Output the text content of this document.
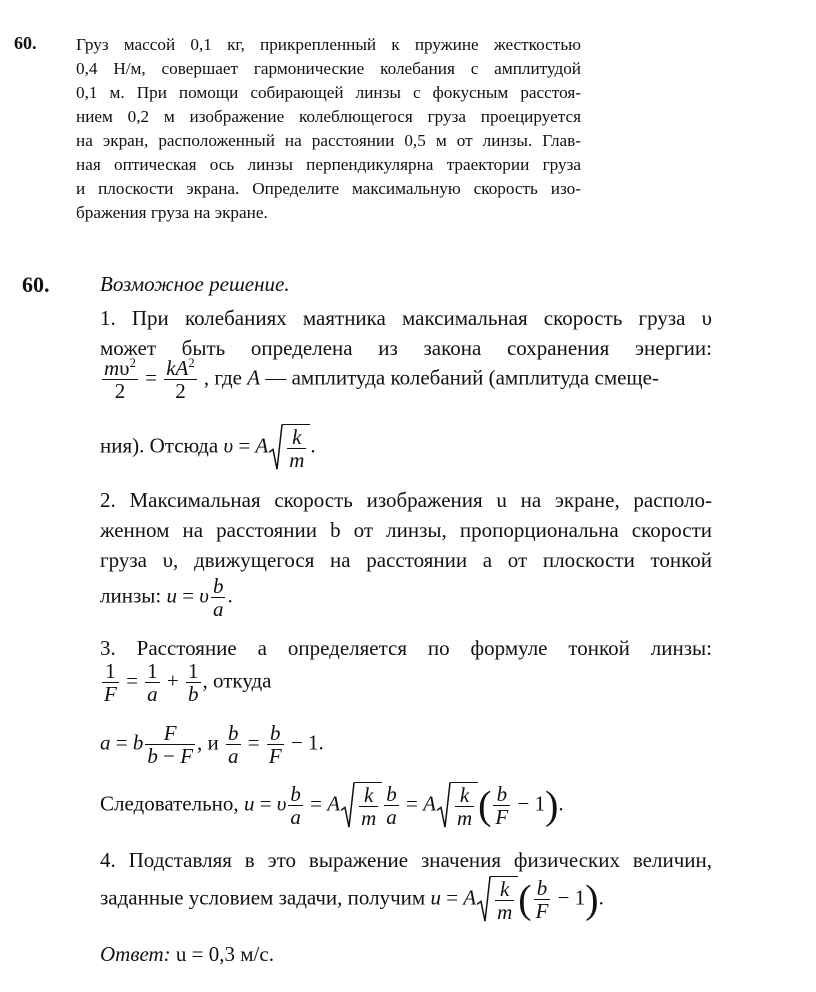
60. Груз массой 0,1 кг, прикрепленный к пружине жесткостью
0,4 Н/м, совершает гармонические колебания с амплитудой
0,1 м. При помощи собирающей линзы с фокусным расстоя-
нием 0,2 м изображение колеблющегося груза проецируется
на экран, расположенный на расстоянии 0,5 м от линзы. Глав-
ная оптическая ось линзы перпендикулярна траектории груза
и плоскости экрана. Определите максимальную скорость изо-
бражения груза на экране.
60. Возможное решение.
1. При колебаниях маятника максимальная скорость груза υ
может быть определена из закона сохранения энергии:
$\frac{m\upsilon^2}{2} = \frac{kA^2}{2}$ , где A — амплитуда колебаний (амплитуда смеще-
ния). Отсюда υ = A $\frac{k}{m}$ .
2. Максимальная скорость изображения u на экране, располо-
женном на расстоянии b от линзы, пропорциональна скорости
груза υ, движущегося на расстоянии a от плоскости тонкой
линзы: u = υ $\frac{b}{a}$ .
3. Расстояние a определяется по формуле тонкой линзы:
$\frac{1}{F} = \frac{1}{a} + \frac{1}{b}$ , откуда
a = b $\frac{F}{b - F}$ , и $\frac{b}{a} = \frac{b}{F} - 1$.
Следовательно, u = υ $\frac{b}{a} = A \frac{k}{m} \frac{b}{a} = A \frac{k}{m}$ ( $\frac{b}{F} - 1$).
4. Подставляя в это выражение значения физических величин,
заданные условием задачи, получим u = A $\frac{k}{m}$ ( $\frac{b}{F} - 1$).
Ответ: u = 0,3 м/с.
